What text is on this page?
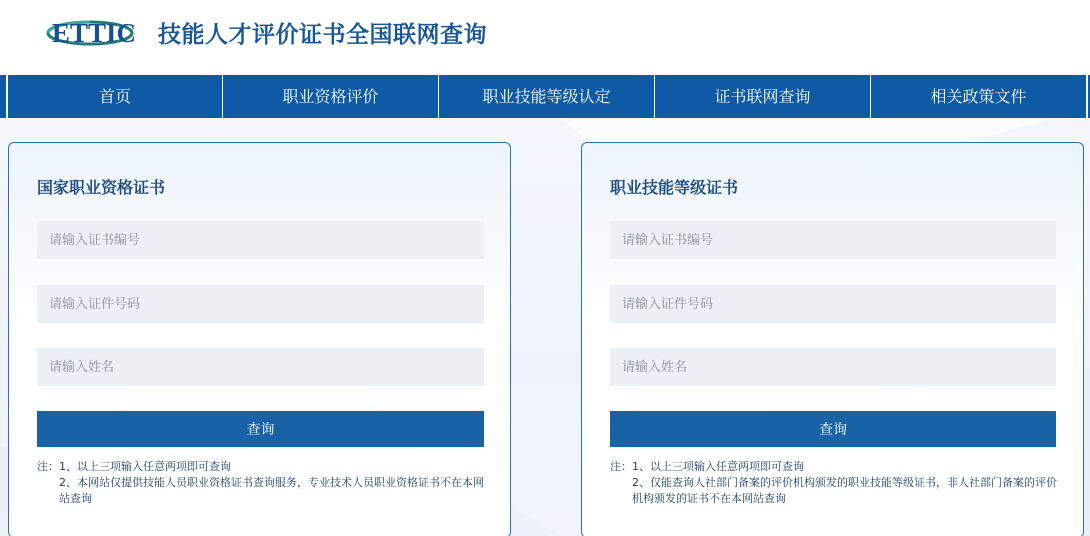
ETTIC 技能人才评价证书全国联网查询
首页	职业资格评价	职业技能等级认定	证书联网查询	相关政策文件
国家职业资格证书
请输入证书编号
请输入证件号码
请输入姓名
查询
注：1、以上三项输入任意两项即可查询
2、本网站仅提供技能人员职业资格证书查询服务，专业技术人员职业资格证书不在本网站查询
职业技能等级证书
请输入证书编号
请输入证件号码
请输入姓名
查询
注：1、以上三项输入任意两项即可查询
2、仅能查询人社部门备案的评价机构颁发的职业技能等级证书，非人社部门备案的评价
机构颁发的证书不在本网站查询
